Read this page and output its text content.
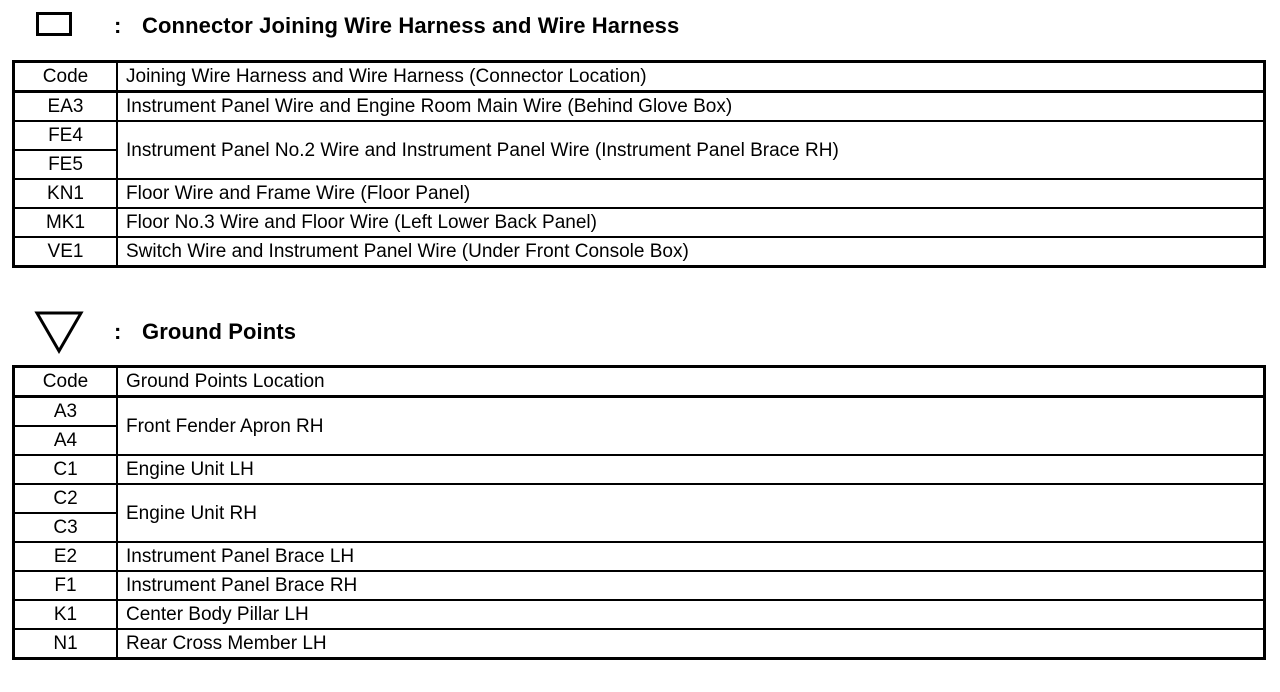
: Connector Joining Wire Harness and Wire Harness
Code	Joining Wire Harness and Wire Harness (Connector Location)
EA3	Instrument Panel Wire and Engine Room Main Wire (Behind Glove Box)
FE4	Instrument Panel No.2 Wire and Instrument Panel Wire (Instrument Panel Brace RH)
FE5	
KN1	Floor Wire and Frame Wire (Floor Panel)
MK1	Floor No.3 Wire and Floor Wire (Left Lower Back Panel)
VE1	Switch Wire and Instrument Panel Wire (Under Front Console Box)
: Ground Points
Code	Ground Points Location
A3	Front Fender Apron RH
A4	
C1	Engine Unit LH
C2	Engine Unit RH
C3	
E2	Instrument Panel Brace LH
F1	Instrument Panel Brace RH
K1	Center Body Pillar LH
N1	Rear Cross Member LH
